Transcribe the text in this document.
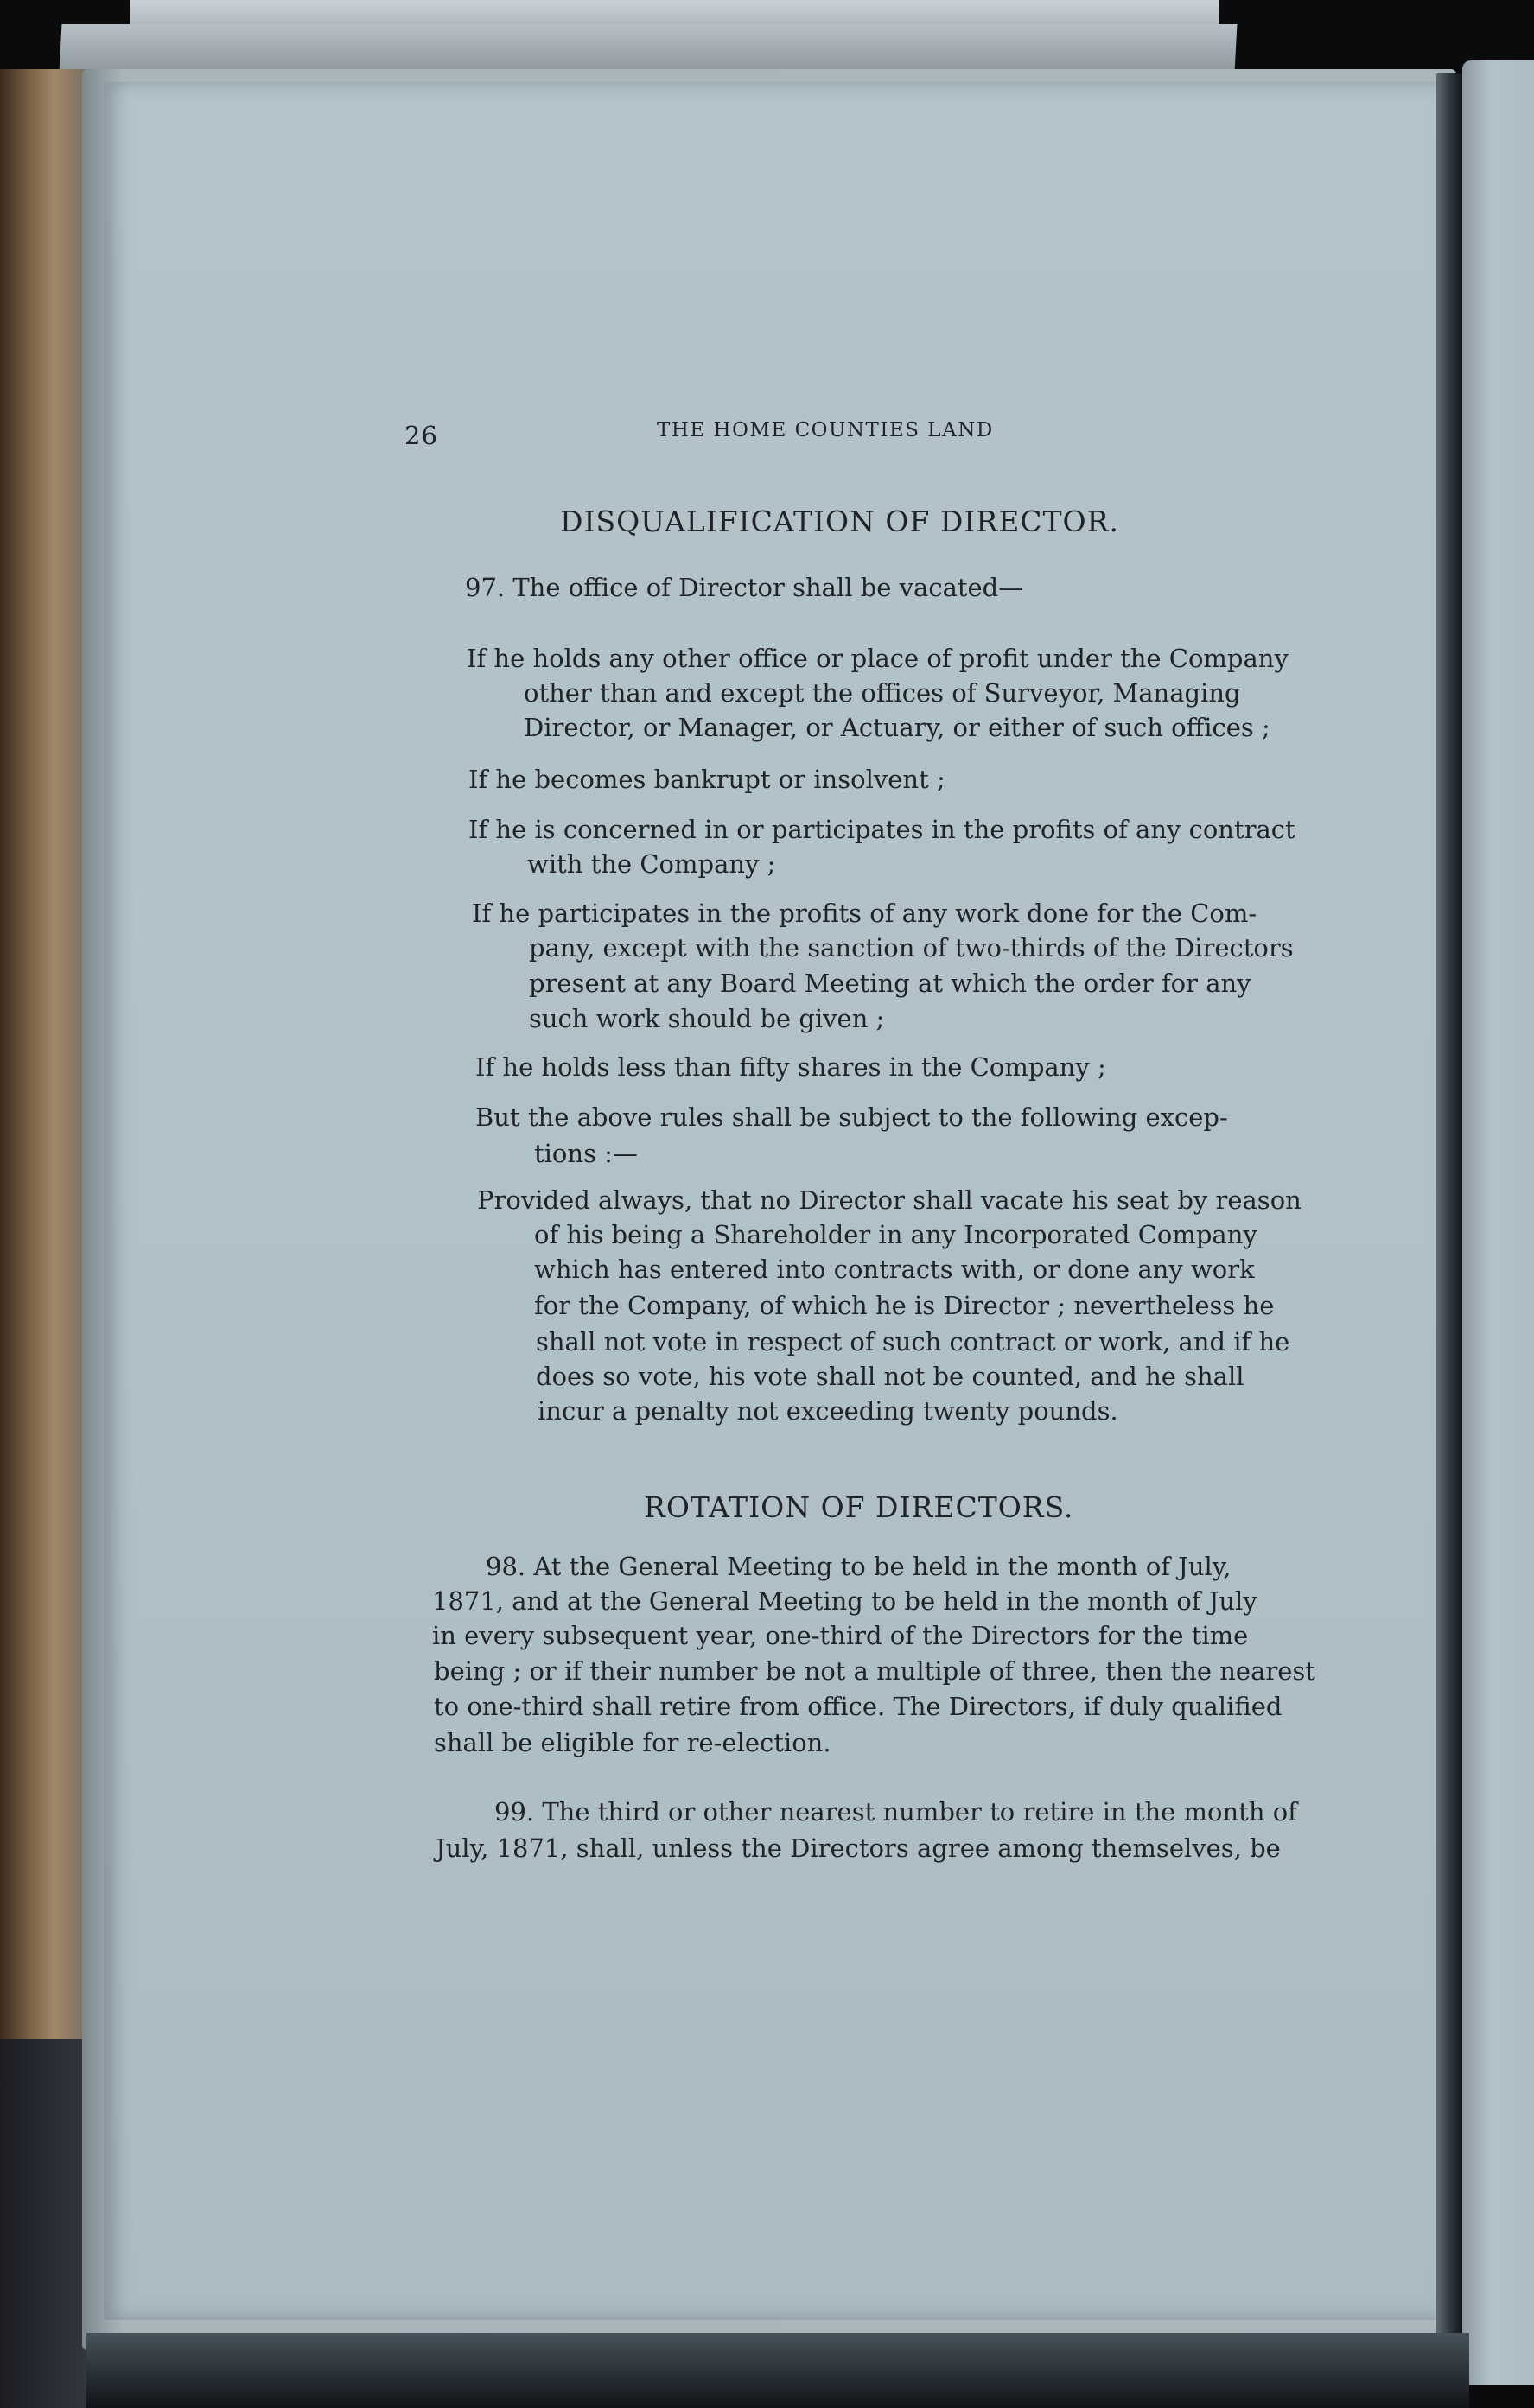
26	THE HOME COUNTIES LAND
DISQUALIFICATION OF DIRECTOR.
97. The office of Director shall be vacated—
If he holds any other office or place of profit under the Company
other than and except the offices of Surveyor, Managing
Director, or Manager, or Actuary, or either of such offices ;
If he becomes bankrupt or insolvent ;
If he is concerned in or participates in the profits of any contract
with the Company ;
If he participates in the profits of any work done for the Com-
pany, except with the sanction of two-thirds of the Directors
present at any Board Meeting at which the order for any
such work should be given ;
If he holds less than fifty shares in the Company ;
But the above rules shall be subject to the following excep-
tions :—
Provided always, that no Director shall vacate his seat by reason
of his being a Shareholder in any Incorporated Company
which has entered into contracts with, or done any work
for the Company, of which he is Director ; nevertheless he
shall not vote in respect of such contract or work, and if he
does so vote, his vote shall not be counted, and he shall
incur a penalty not exceeding twenty pounds.
ROTATION OF DIRECTORS.
98. At the General Meeting to be held in the month of July,
1871, and at the General Meeting to be held in the month of July
in every subsequent year, one-third of the Directors for the time
being ; or if their number be not a multiple of three, then the nearest
to one-third shall retire from office. The Directors, if duly qualified
shall be eligible for re-election.
99. The third or other nearest number to retire in the month of
July, 1871, shall, unless the Directors agree among themselves, be
